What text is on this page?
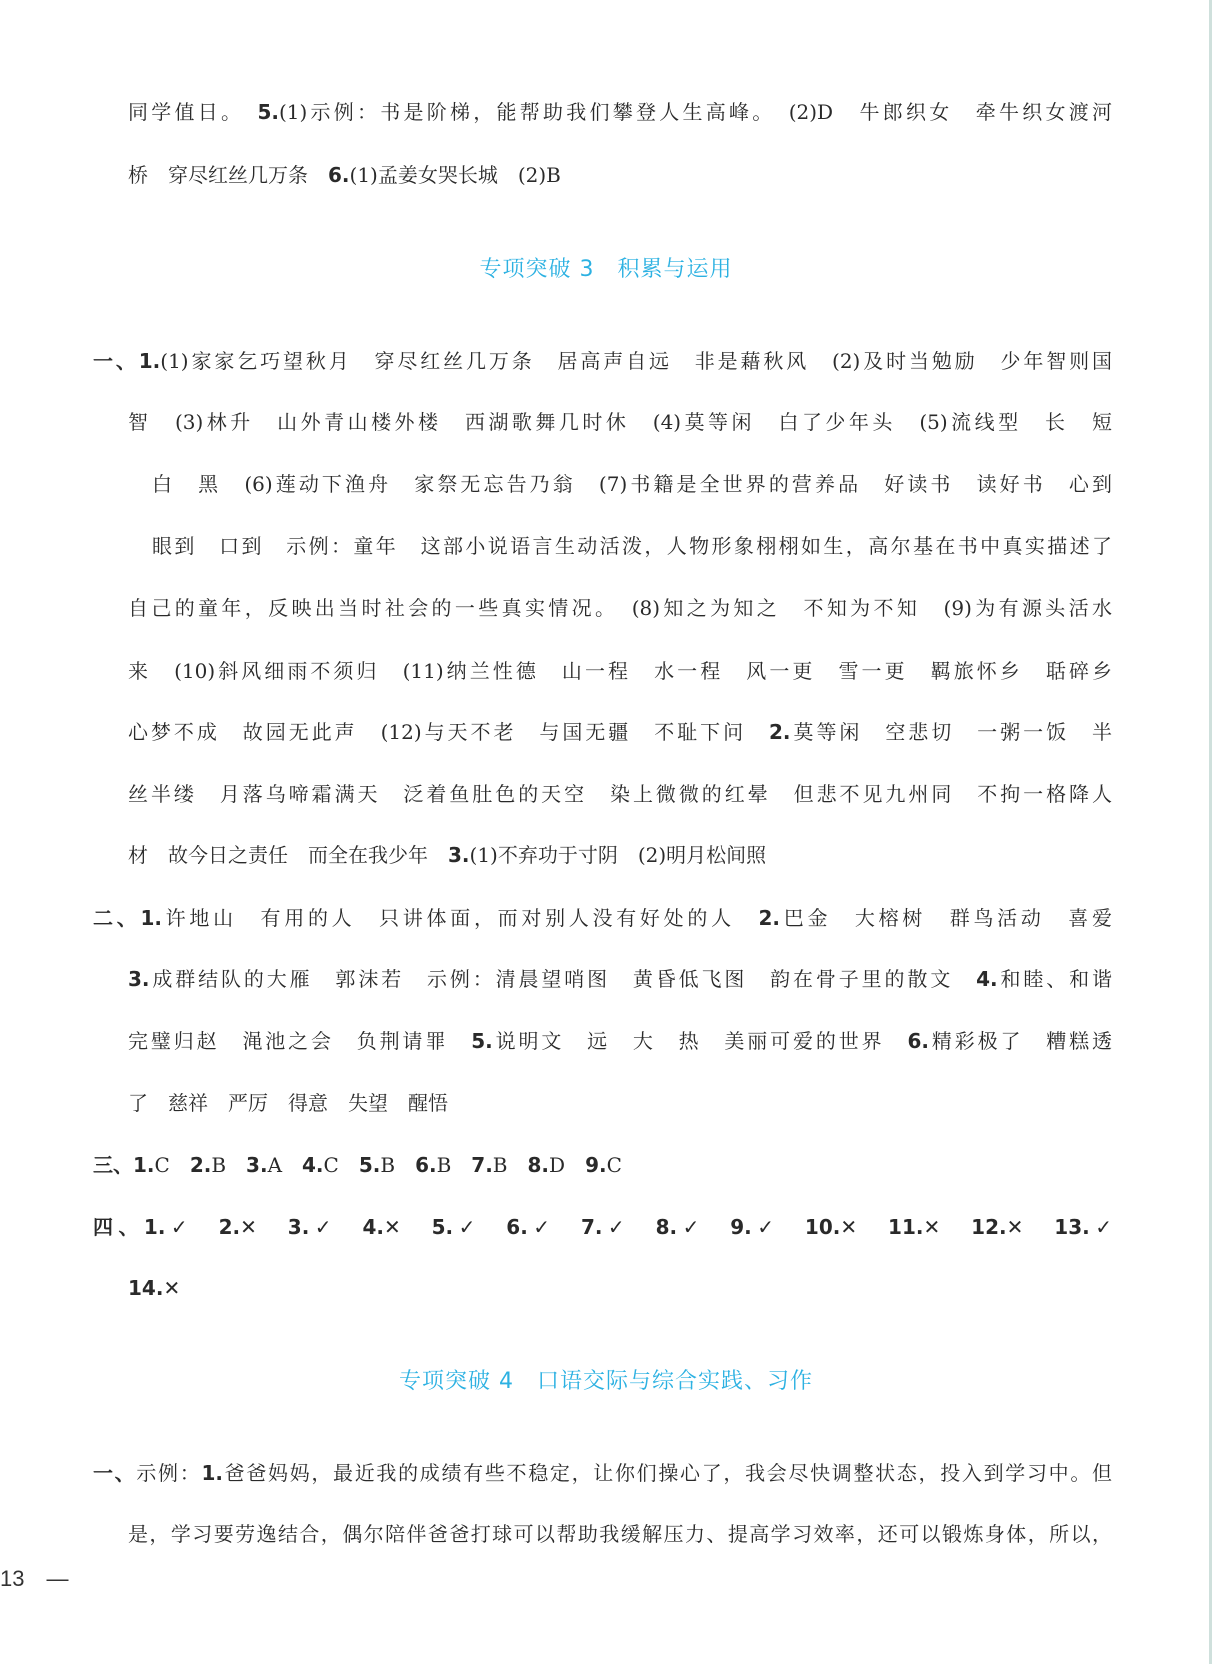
专项突破 3　积累与运用
专项突破 4　口语交际与综合实践、习作
同学值日。　5.(1)示例：书是阶梯，能帮助我们攀登人生高峰。　(2)D　牛郎织女　牵牛织女渡河
桥　穿尽红丝几万条　6.(1)孟姜女哭长城　(2)B
一、1.(1)家家乞巧望秋月　穿尽红丝几万条　居高声自远　非是藉秋风　(2)及时当勉励　少年智则国
智　(3)林升　山外青山楼外楼　西湖歌舞几时休　(4)莫等闲　白了少年头　(5)流线型　长　短
白　黑　(6)莲动下渔舟　家祭无忘告乃翁　(7)书籍是全世界的营养品　好读书　读好书　心到
眼到　口到　示例：童年　这部小说语言生动活泼，人物形象栩栩如生，高尔基在书中真实描述了
自己的童年，反映出当时社会的一些真实情况。　(8)知之为知之　不知为不知　(9)为有源头活水
来　(10)斜风细雨不须归　(11)纳兰性德　山一程　水一程　风一更　雪一更　羁旅怀乡　聒碎乡
心梦不成　故园无此声　(12)与天不老　与国无疆　不耻下问　2.莫等闲　空悲切　一粥一饭　半
丝半缕　月落乌啼霜满天　泛着鱼肚色的天空　染上微微的红晕　但悲不见九州同　不拘一格降人
材　故今日之责任　而全在我少年　3.(1)不弃功于寸阴　(2)明月松间照
二、1.许地山　有用的人　只讲体面，而对别人没有好处的人　2.巴金　大榕树　群鸟活动　喜爱
3.成群结队的大雁　郭沫若　示例：清晨望哨图　黄昏低飞图　韵在骨子里的散文　4.和睦、和谐
完璧归赵　渑池之会　负荆请罪　5.说明文　远　大　热　美丽可爱的世界　6.精彩极了　糟糕透
了　慈祥　严厉　得意　失望　醒悟
三、1.C　2.B　3.A　4.C　5.B　6.B　7.B　8.D　9.C
四、1.✓　2.✕　3.✓　4.✕　5.✓　6.✓　7.✓　8.✓　9.✓　10.✕　11.✕　12.✕　13.✓
14.✕
一、示例：1.爸爸妈妈，最近我的成绩有些不稳定，让你们操心了，我会尽快调整状态，投入到学习中。但
是，学习要劳逸结合，偶尔陪伴爸爸打球可以帮助我缓解压力、提高学习效率，还可以锻炼身体，所以，
13　—
